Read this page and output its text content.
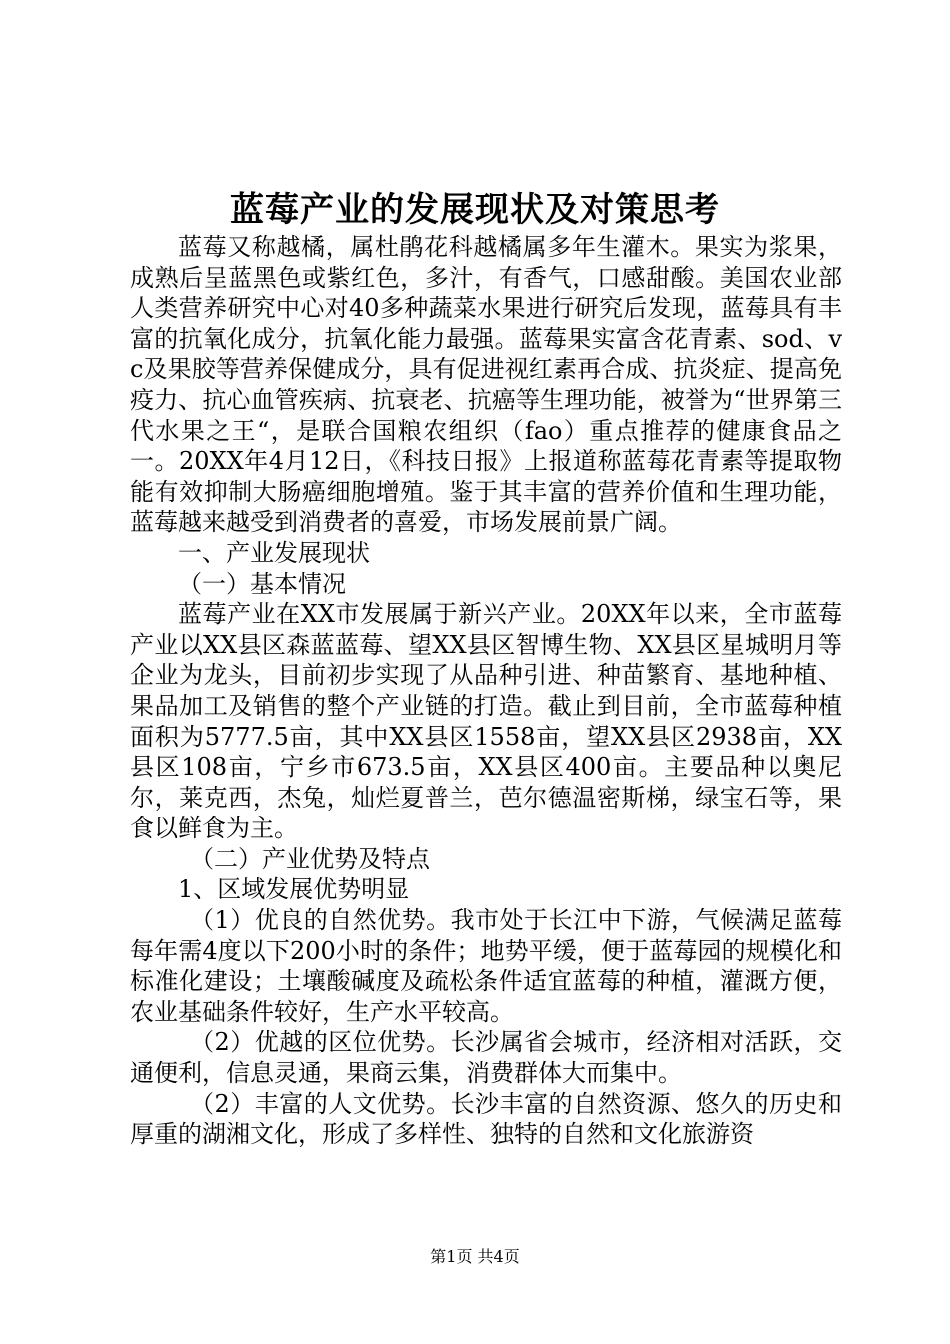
蓝莓产业的发展现状及对策思考

蓝莓又称越橘，属杜鹃花科越橘属多年生灌木。果实为浆果，成熟后呈蓝黑色或紫红色，多汁，有香气，口感甜酸。美国农业部人类营养研究中心对40多种蔬菜水果进行研究后发现，蓝莓具有丰富的抗氧化成分，抗氧化能力最强。蓝莓果实富含花青素、sod、vc及果胶等营养保健成分，具有促进视红素再合成、抗炎症、提高免疫力、抗心血管疾病、抗衰老、抗癌等生理功能，被誉为“世界第三代水果之王“，是联合国粮农组织（fao）重点推荐的健康食品之一。20XX年4月12日，《科技日报》上报道称蓝莓花青素等提取物能有效抑制大肠癌细胞增殖。鉴于其丰富的营养价值和生理功能，蓝莓越来越受到消费者的喜爱，市场发展前景广阔。

一、产业发展现状

（一）基本情况

蓝莓产业在XX市发展属于新兴产业。20XX年以来，全市蓝莓产业以XX县区森蓝蓝莓、望XX县区智博生物、XX县区星城明月等企业为龙头，目前初步实现了从品种引进、种苗繁育、基地种植、果品加工及销售的整个产业链的打造。截止到目前，全市蓝莓种植面积为5777.5亩，其中XX县区1558亩，望XX县区2938亩，XX县区108亩，宁乡市673.5亩，XX县区400亩。主要品种以奥尼尔，莱克西，杰兔，灿烂夏普兰，芭尔德温密斯梯，绿宝石等，果食以鲜食为主。

（二）产业优势及特点

1、区域发展优势明显

（1）优良的自然优势。我市处于长江中下游，气候满足蓝莓每年需4度以下200小时的条件；地势平缓，便于蓝莓园的规模化和标准化建设；土壤酸碱度及疏松条件适宜蓝莓的种植，灌溉方便，农业基础条件较好，生产水平较高。

（2）优越的区位优势。长沙属省会城市，经济相对活跃，交通便利，信息灵通，果商云集，消费群体大而集中。

（2）丰富的人文优势。长沙丰富的自然资源、悠久的历史和厚重的湖湘文化，形成了多样性、独特的自然和文化旅游资

第1页 共4页
